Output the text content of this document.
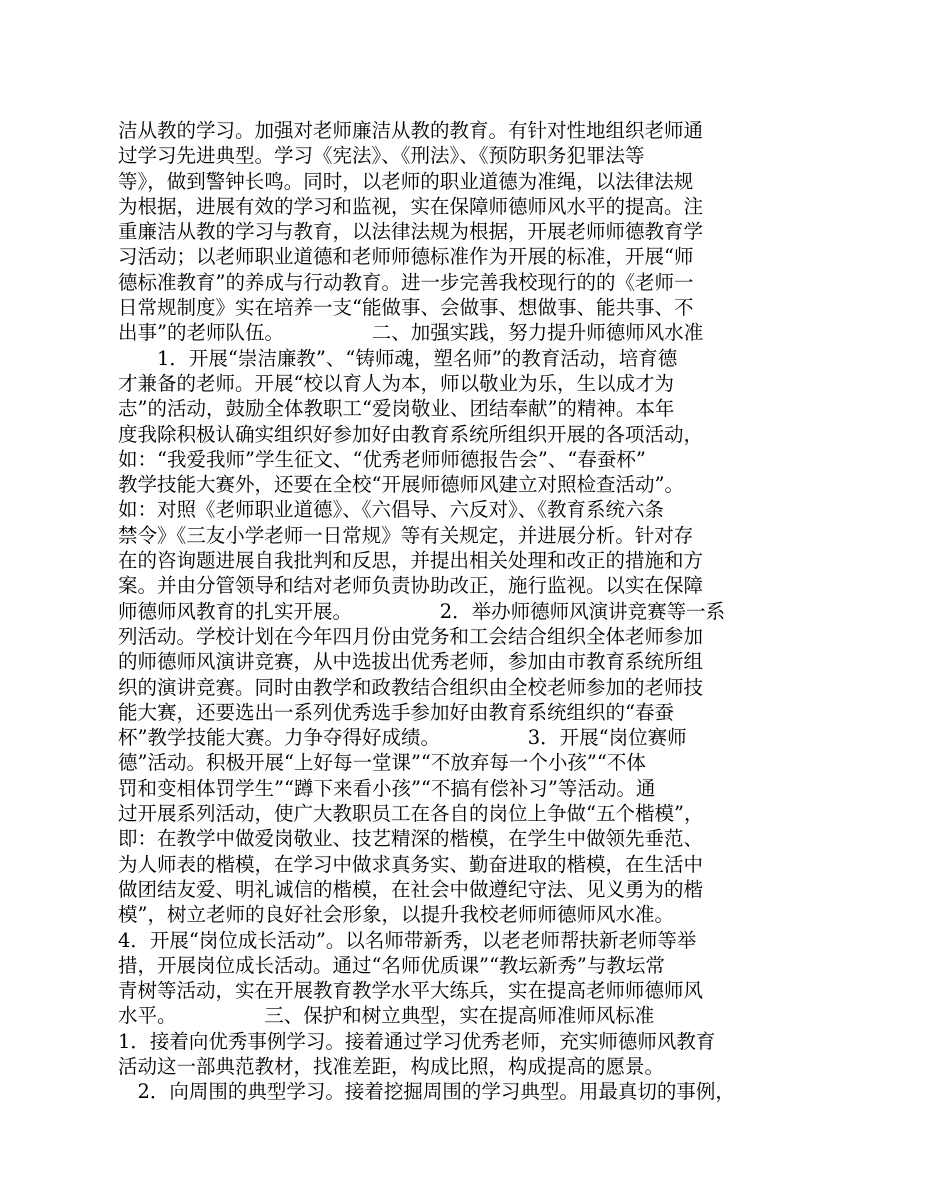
洁从教的学习。加强对老师廉洁从教的教育。有针对性地组织老师通
过学习先进典型。学习《宪法》、《刑法》、《预防职务犯罪法等
等》，做到警钟长鸣。同时，以老师的职业道德为准绳，以法律法规
为根据，进展有效的学习和监视，实在保障师德师风水平的提高。注
重廉洁从教的学习与教育，以法律法规为根据，开展老师师德教育学
习活动；以老师职业道德和老师师德标准作为开展的标准，开展“师
德标准教育”的养成与行动教育。进一步完善我校现行的的《老师一
日常规制度》实在培养一支“能做事、会做事、想做事、能共事、不
出事”的老师队伍。　　　　　二、加强实践，努力提升师德师风水准
　　1．开展“崇洁廉教”、“铸师魂，塑名师”的教育活动，培育德
才兼备的老师。开展“校以育人为本，师以敬业为乐，生以成才为
志”的活动，鼓励全体教职工“爱岗敬业、团结奉献”的精神。本年
度我除积极认确实组织好参加好由教育系统所组织开展的各项活动，
如：“我爱我师”学生征文、“优秀老师师德报告会”、“春蚕杯”
教学技能大赛外，还要在全校“开展师德师风建立对照检查活动”。
如：对照《老师职业道德》、《六倡导、六反对》、《教育系统六条
禁令》《三友小学老师一日常规》等有关规定，并进展分析。针对存
在的咨询题进展自我批判和反思，并提出相关处理和改正的措施和方
案。并由分管领导和结对老师负责协助改正，施行监视。以实在保障
师德师风教育的扎实开展。　　　　　2．举办师德师风演讲竞赛等一系
列活动。学校计划在今年四月份由党务和工会结合组织全体老师参加
的师德师风演讲竞赛，从中选拔出优秀老师，参加由市教育系统所组
织的演讲竞赛。同时由教学和政教结合组织由全校老师参加的老师技
能大赛，还要选出一系列优秀选手参加好由教育系统组织的“春蚕
杯”教学技能大赛。力争夺得好成绩。　　　　　3．开展“岗位赛师
德”活动。积极开展“上好每一堂课”“不放弃每一个小孩”“不体
罚和变相体罚学生”“蹲下来看小孩”“不搞有偿补习”等活动。通
过开展系列活动，使广大教职员工在各自的岗位上争做“五个楷模”，
即：在教学中做爱岗敬业、技艺精深的楷模，在学生中做领先垂范、
为人师表的楷模，在学习中做求真务实、勤奋进取的楷模，在生活中
做团结友爱、明礼诚信的楷模，在社会中做遵纪守法、见义勇为的楷
模”，树立老师的良好社会形象，以提升我校老师师德师风水准。
4．开展“岗位成长活动”。以名师带新秀，以老老师帮扶新老师等举
措，开展岗位成长活动。通过“名师优质课”“教坛新秀”与教坛常
青树等活动，实在开展教育教学水平大练兵，实在提高老师师德师风
水平。　　　　　三、保护和树立典型，实在提高师准师风标准
1．接着向优秀事例学习。接着通过学习优秀老师，充实师德师风教育
活动这一部典范教材，找准差距，构成比照，构成提高的愿景。
　2．向周围的典型学习。接着挖掘周围的学习典型。用最真切的事例，
